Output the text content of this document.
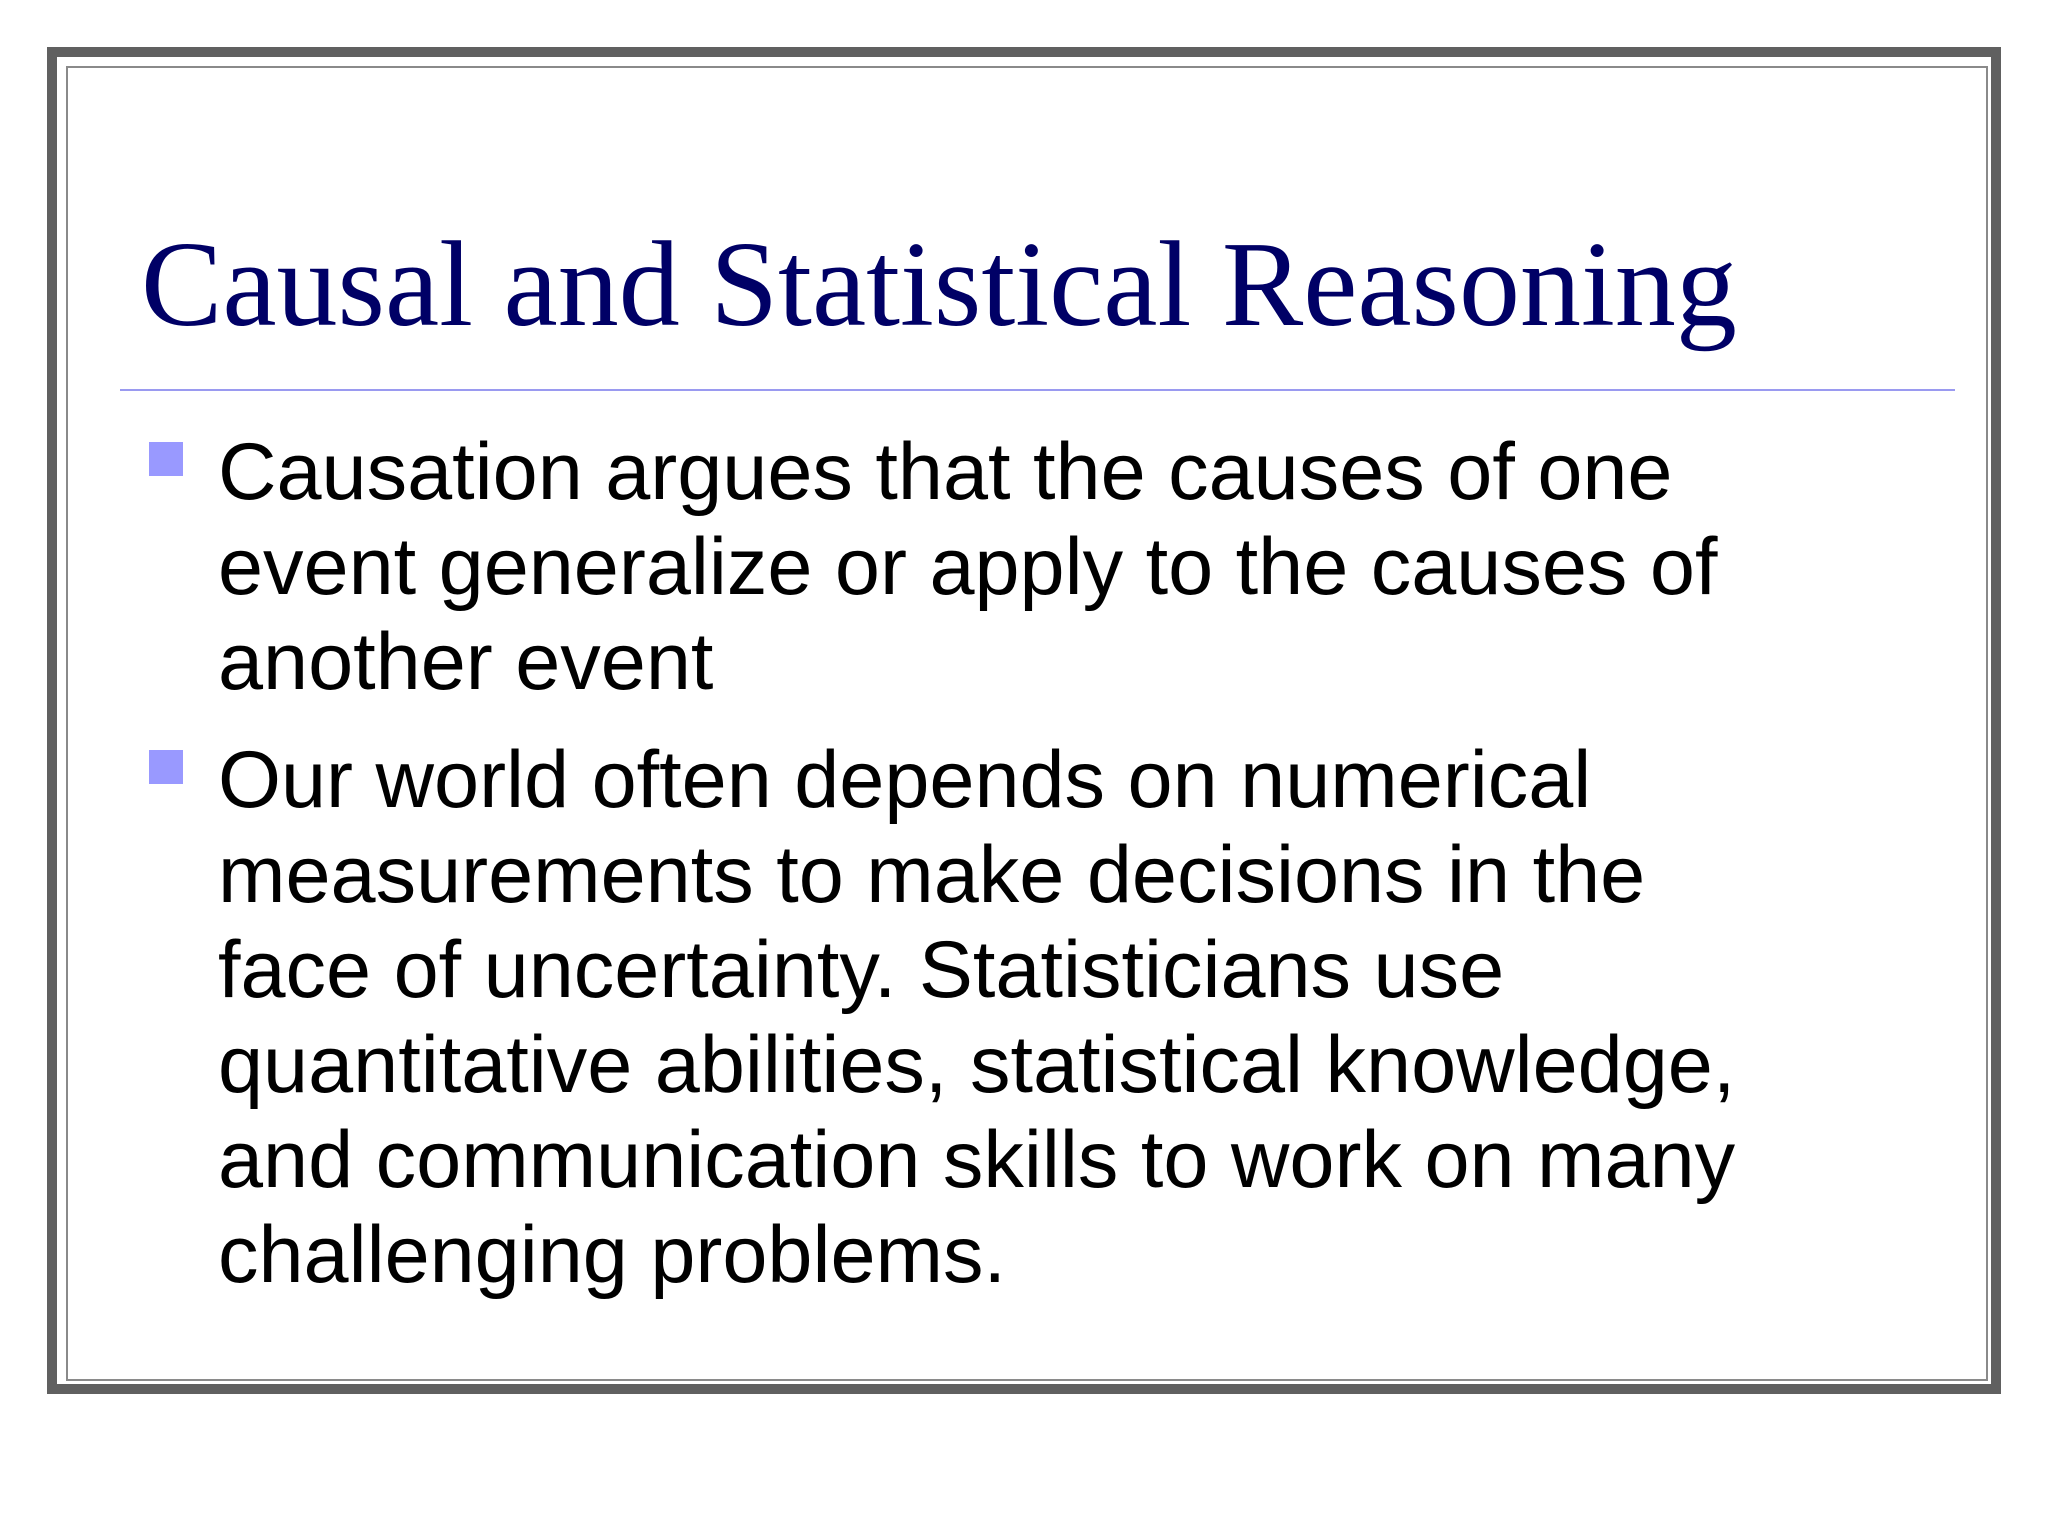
Causal and Statistical Reasoning

Causation argues that the causes of one
event generalize or apply to the causes of
another event

Our world often depends on numerical
measurements to make decisions in the
face of uncertainty. Statisticians use
quantitative abilities, statistical knowledge,
and communication skills to work on many
challenging problems.
